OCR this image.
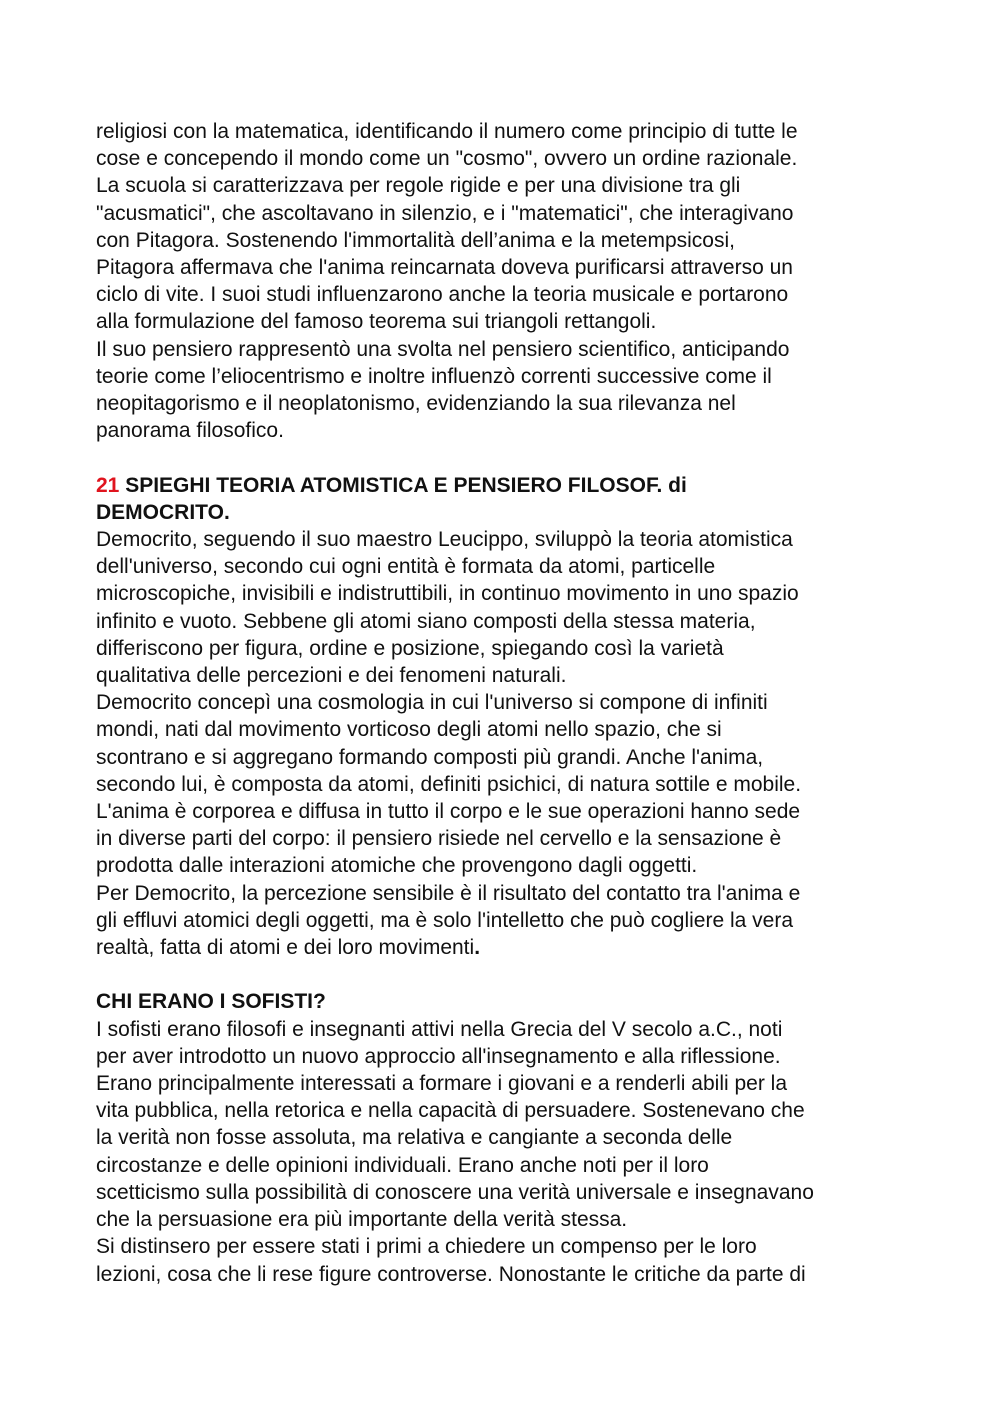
religiosi con la matematica, identificando il numero come principio di tutte le

cose e concependo il mondo come un "cosmo", ovvero un ordine razionale.

La scuola si caratterizzava per regole rigide e per una divisione tra gli

"acusmatici", che ascoltavano in silenzio, e i "matematici", che interagivano

con Pitagora. Sostenendo l'immortalità dell’anima e la metempsicosi,

Pitagora affermava che l'anima reincarnata doveva purificarsi attraverso un

ciclo di vite. I suoi studi influenzarono anche la teoria musicale e portarono

alla formulazione del famoso teorema sui triangoli rettangoli.

Il suo pensiero rappresentò una svolta nel pensiero scientifico, anticipando

teorie come l’eliocentrismo e inoltre influenzò correnti successive come il

neopitagorismo e il neoplatonismo, evidenziando la sua rilevanza nel

panorama filosofico.

21 SPIEGHI TEORIA ATOMISTICA E PENSIERO FILOSOF. di

DEMOCRITO.

Democrito, seguendo il suo maestro Leucippo, sviluppò la teoria atomistica

dell'universo, secondo cui ogni entità è formata da atomi, particelle

microscopiche, invisibili e indistruttibili, in continuo movimento in uno spazio

infinito e vuoto. Sebbene gli atomi siano composti della stessa materia,

differiscono per figura, ordine e posizione, spiegando così la varietà

qualitativa delle percezioni e dei fenomeni naturali.

Democrito concepì una cosmologia in cui l'universo si compone di infiniti

mondi, nati dal movimento vorticoso degli atomi nello spazio, che si

scontrano e si aggregano formando composti più grandi. Anche l'anima,

secondo lui, è composta da atomi, definiti psichici, di natura sottile e mobile.

L'anima è corporea e diffusa in tutto il corpo e le sue operazioni hanno sede

in diverse parti del corpo: il pensiero risiede nel cervello e la sensazione è

prodotta dalle interazioni atomiche che provengono dagli oggetti.

Per Democrito, la percezione sensibile è il risultato del contatto tra l'anima e

gli effluvi atomici degli oggetti, ma è solo l'intelletto che può cogliere la vera

realtà, fatta di atomi e dei loro movimenti.

CHI ERANO I SOFISTI?

I sofisti erano filosofi e insegnanti attivi nella Grecia del V secolo a.C., noti

per aver introdotto un nuovo approccio all'insegnamento e alla riflessione.

Erano principalmente interessati a formare i giovani e a renderli abili per la

vita pubblica, nella retorica e nella capacità di persuadere. Sostenevano che

la verità non fosse assoluta, ma relativa e cangiante a seconda delle

circostanze e delle opinioni individuali. Erano anche noti per il loro

scetticismo sulla possibilità di conoscere una verità universale e insegnavano

che la persuasione era più importante della verità stessa.

Si distinsero per essere stati i primi a chiedere un compenso per le loro

lezioni, cosa che li rese figure controverse. Nonostante le critiche da parte di
